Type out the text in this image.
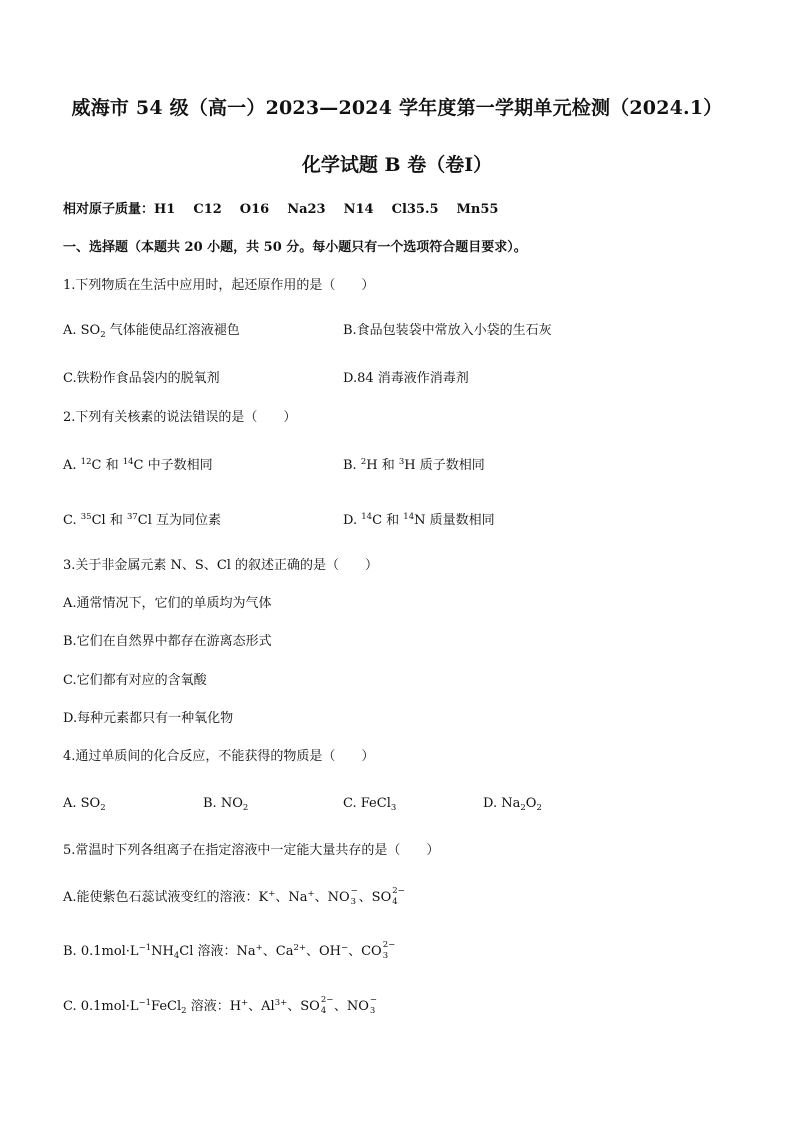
威海市 54 级（高一）2023—2024 学年度第一学期单元检测（2024.1）
化学试题 B 卷（卷Ⅰ）
相对原子质量：H1 C12 O16 Na23 N14 Cl35.5 Mn55
一、选择题（本题共 20 小题，共 50 分。每小题只有一个选项符合题目要求）。
1.下列物质在生活中应用时，起还原作用的是（　　）
A. $SO_2$ 气体能使品红溶液褪色	B.食品包装袋中常放入小袋的生石灰
C.铁粉作食品袋内的脱氧剂	D.84 消毒液作消毒剂
2.下列有关核素的说法错误的是（　　）
A. $^{12}$C 和 $^{14}$C 中子数相同	B. $^2$H 和 $^3$H 质子数相同
C. $^{35}$Cl 和 $^{37}$Cl 互为同位素	D. $^{14}$C 和 $^{14}$N 质量数相同
3.关于非金属元素 N、S、Cl 的叙述正确的是（　　）
A.通常情况下，它们的单质均为气体
B.它们在自然界中都存在游离态形式
C.它们都有对应的含氧酸
D.每种元素都只有一种氧化物
4.通过单质间的化合反应，不能获得的物质是（　　）
A. $SO_2$	B. $NO_2$	C. FeCl$_3$	D. $Na_2O_2$
5.常温时下列各组离子在指定溶液中一定能大量共存的是（　　）
A.能使紫色石蕊试液变红的溶液：K+、Na+、NO −
3 、SO 2−
4
B. $0.1mol\cdot L^{-1}NH_4Cl$ 溶液：Na+、$Ca^{2+}$、OH−、CO 2−
3
C. $0.1mol\cdot L^{-1}FeCl_2$ 溶液：H+、$Al^{3+}$、SO 2−
4 、NO −
3
